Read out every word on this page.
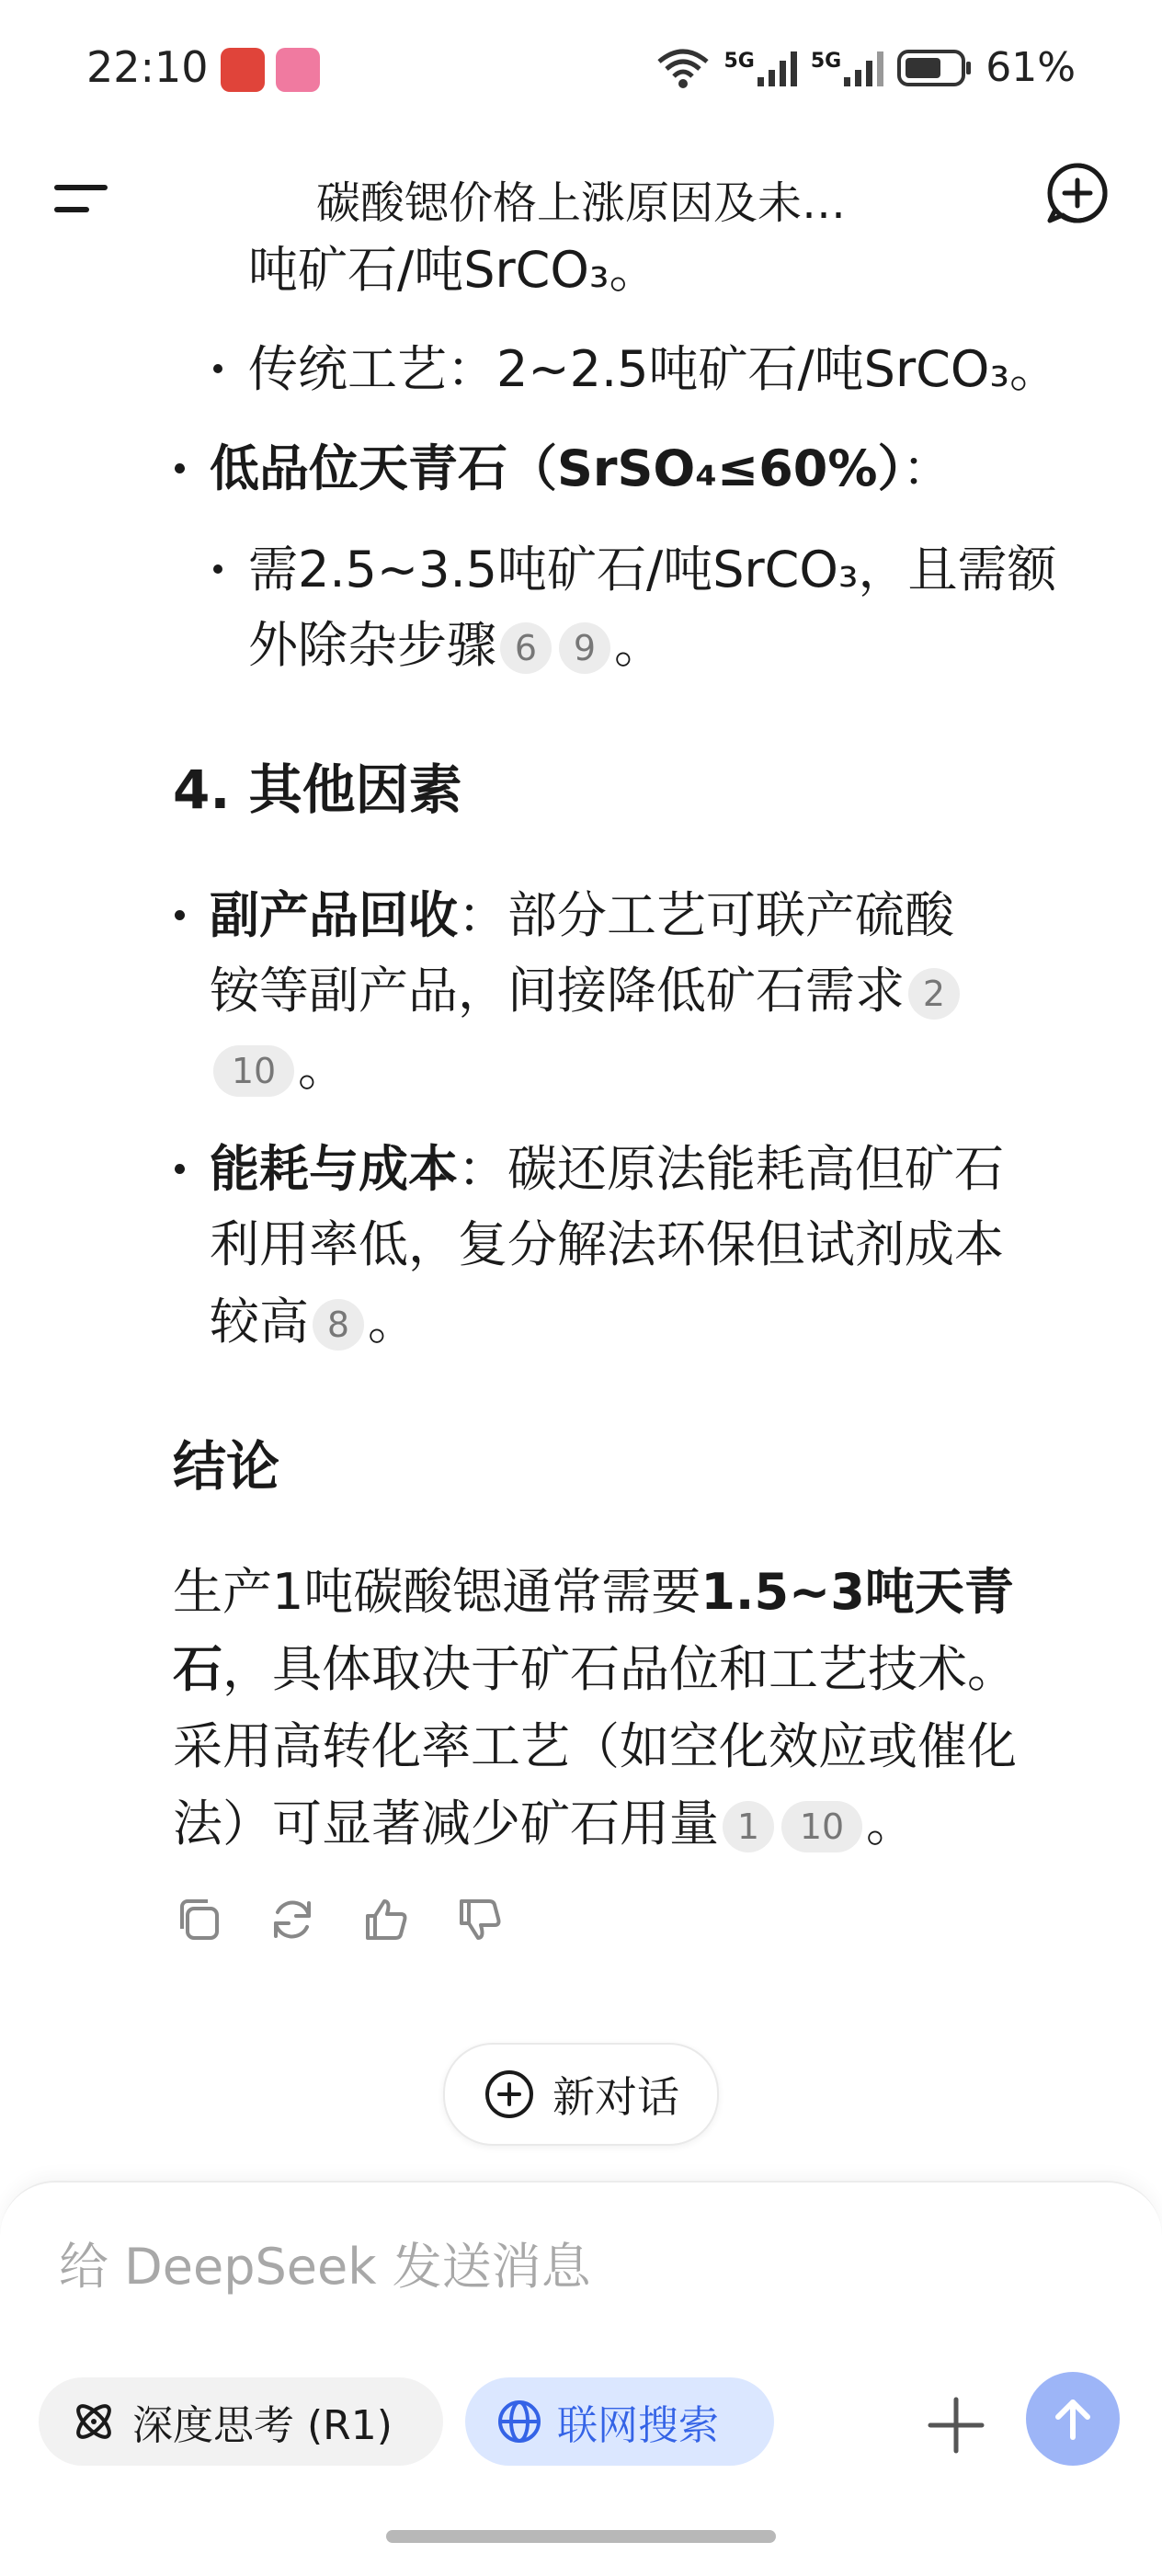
22:10	5G	5G	61%
碳酸锶价格上涨原因及未…
吨矿石/吨SrCO₃。
传统工艺：2~2.5吨矿石/吨SrCO₃。
低品位天青石（SrSO₄≤60%）：
需2.5~3.5吨矿石/吨SrCO₃，且需额
外除杂步骤 6 9 。
4. 其他因素
副产品回收：部分工艺可联产硫酸
铵等副产品，间接降低矿石需求 2
10 。
能耗与成本：碳还原法能耗高但矿石
利用率低，复分解法环保但试剂成本
较高 8 。
结论
生产1吨碳酸锶通常需要1.5~3吨天青
石，具体取决于矿石品位和工艺技术。
采用高转化率工艺（如空化效应或催化
法）可显著减少矿石用量 1 10 。
新对话
给 DeepSeek 发送消息
深度思考 (R1)	联网搜索
